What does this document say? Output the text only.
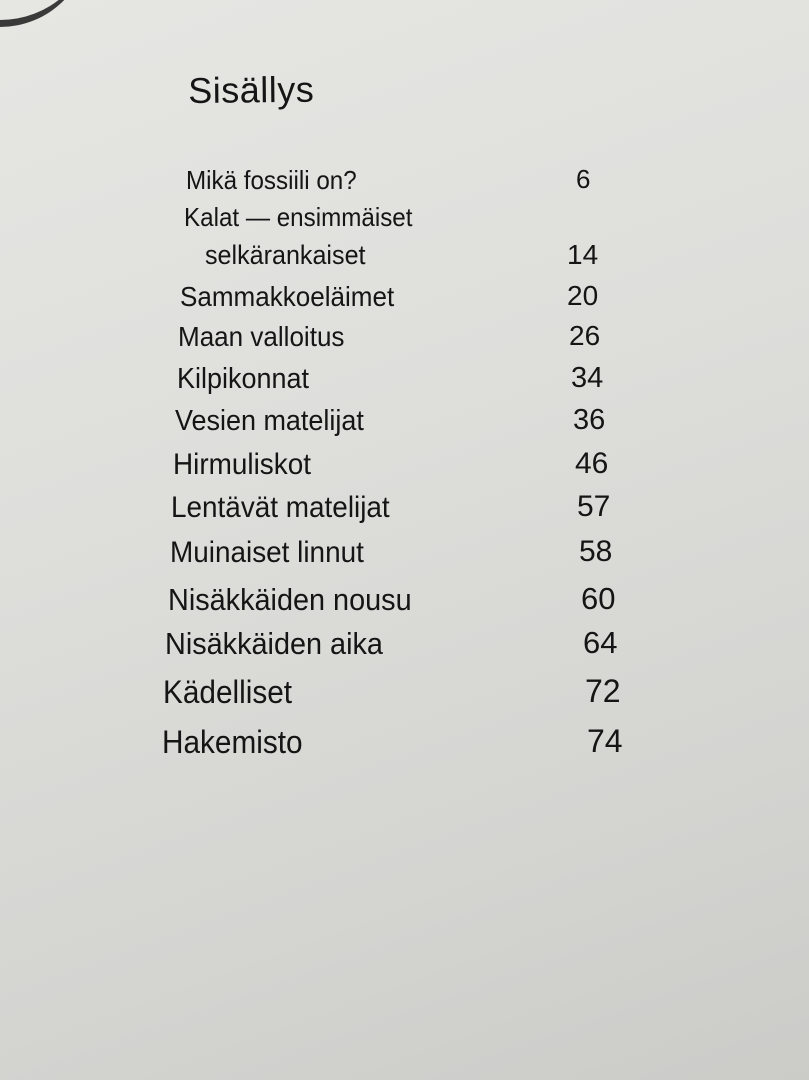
Sisällys
Mikä fossiili on?	6
Kalat — ensimmäiset
selkärankaiset	14
Sammakkoeläimet	20
Maan valloitus	26
Kilpikonnat	34
Vesien matelijat	36
Hirmuliskot	46
Lentävät matelijat	57
Muinaiset linnut	58
Nisäkkäiden nousu	60
Nisäkkäiden aika	64
Kädelliset	72
Hakemisto	74
